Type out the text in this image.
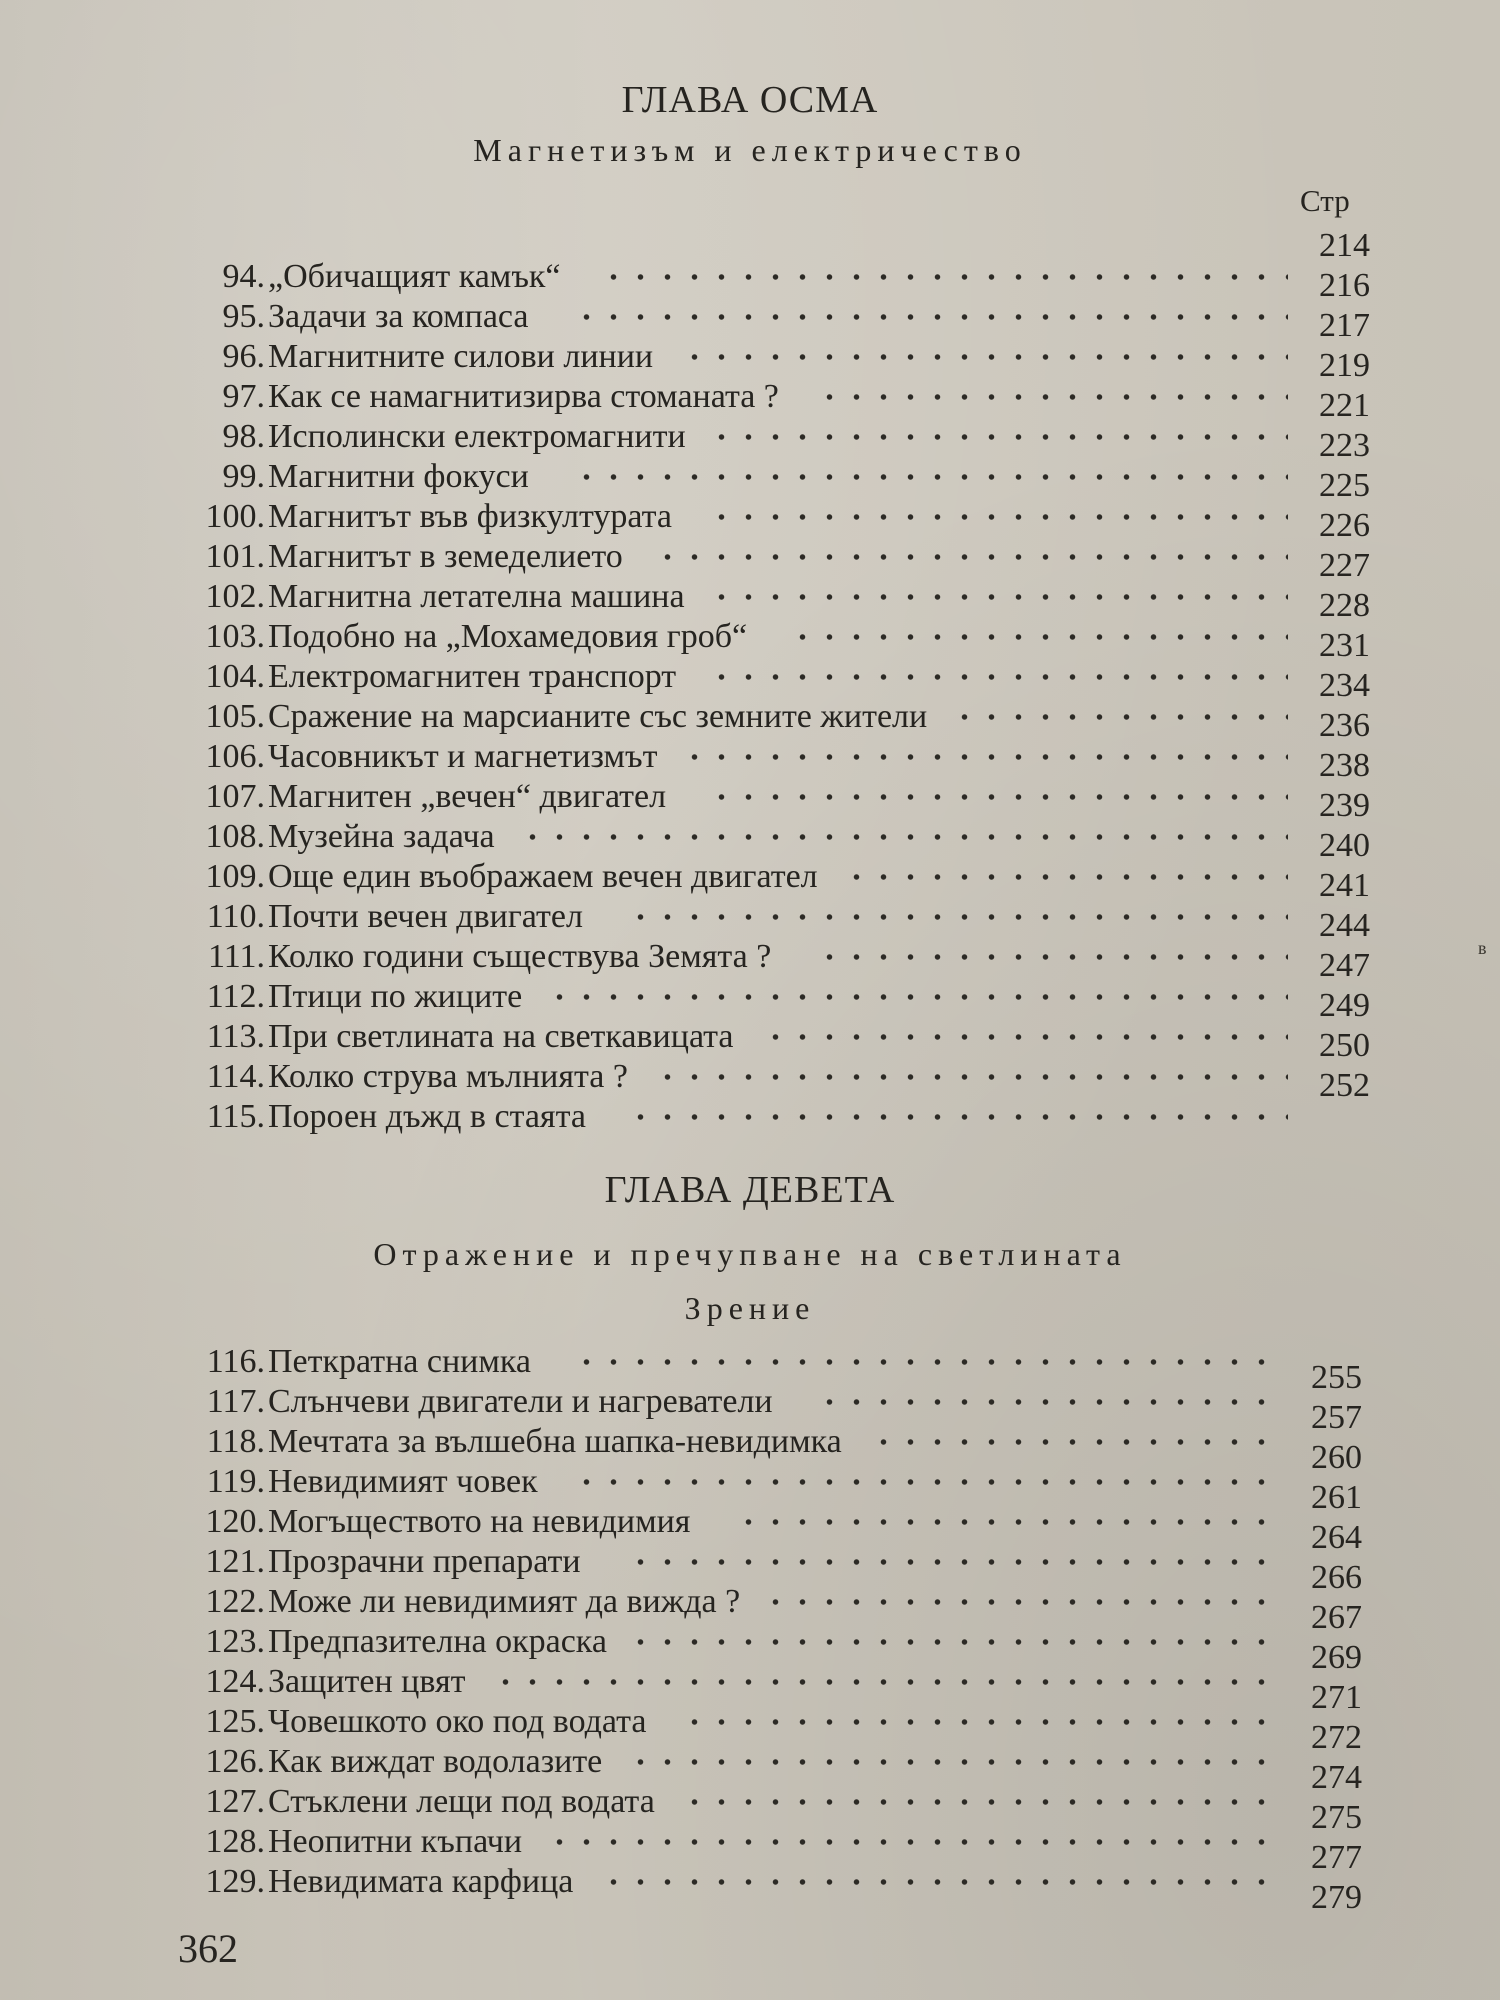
ГЛАВА ОСМА
Магнетизъм и електричество
Стр
94. „Обичащият камък“
95. Задачи за компаса
96. Магнитните силови линии
97. Как се намагнитизирва стоманата ?
98. Исполински електромагнити
99. Магнитни фокуси
100. Магнитът във физкултурата
101. Магнитът в земеделието
102. Магнитна летателна машина
103. Подобно на „Мохамедовия гроб“
104. Електромагнитен транспорт
105. Сражение на марсианите със земните жители
106. Часовникът и магнетизмът
107. Магнитен „вечен“ двигател
108. Музейна задача
109. Още един въображаем вечен двигател
110. Почти вечен двигател
111. Колко години съществува Земята ?
112. Птици по жиците
113. При светлината на светкавицата
114. Колко струва мълнията ?
115. Пороен дъжд в стаята
214
216
217
219
221
223
225
226
227
228
231
234
236
238
239
240
241
244
247
249
250
252
ГЛАВА ДЕВЕТА
Отражение и пречупване на светлината
Зрение
116. Петкратна снимка
117. Слънчеви двигатели и нагреватели
118. Мечтата за вълшебна шапка-невидимка
119. Невидимият човек
120. Могъществото на невидимия
121. Прозрачни препарати
122. Може ли невидимият да вижда ?
123. Предпазителна окраска
124. Защитен цвят
125. Човешкото око под водата
126. Как виждат водолазите
127. Стъклени лещи под водата
128. Неопитни къпачи
129. Невидимата карфица
255
257
260
261
264
266
267
269
271
272
274
275
277
279
362
в
